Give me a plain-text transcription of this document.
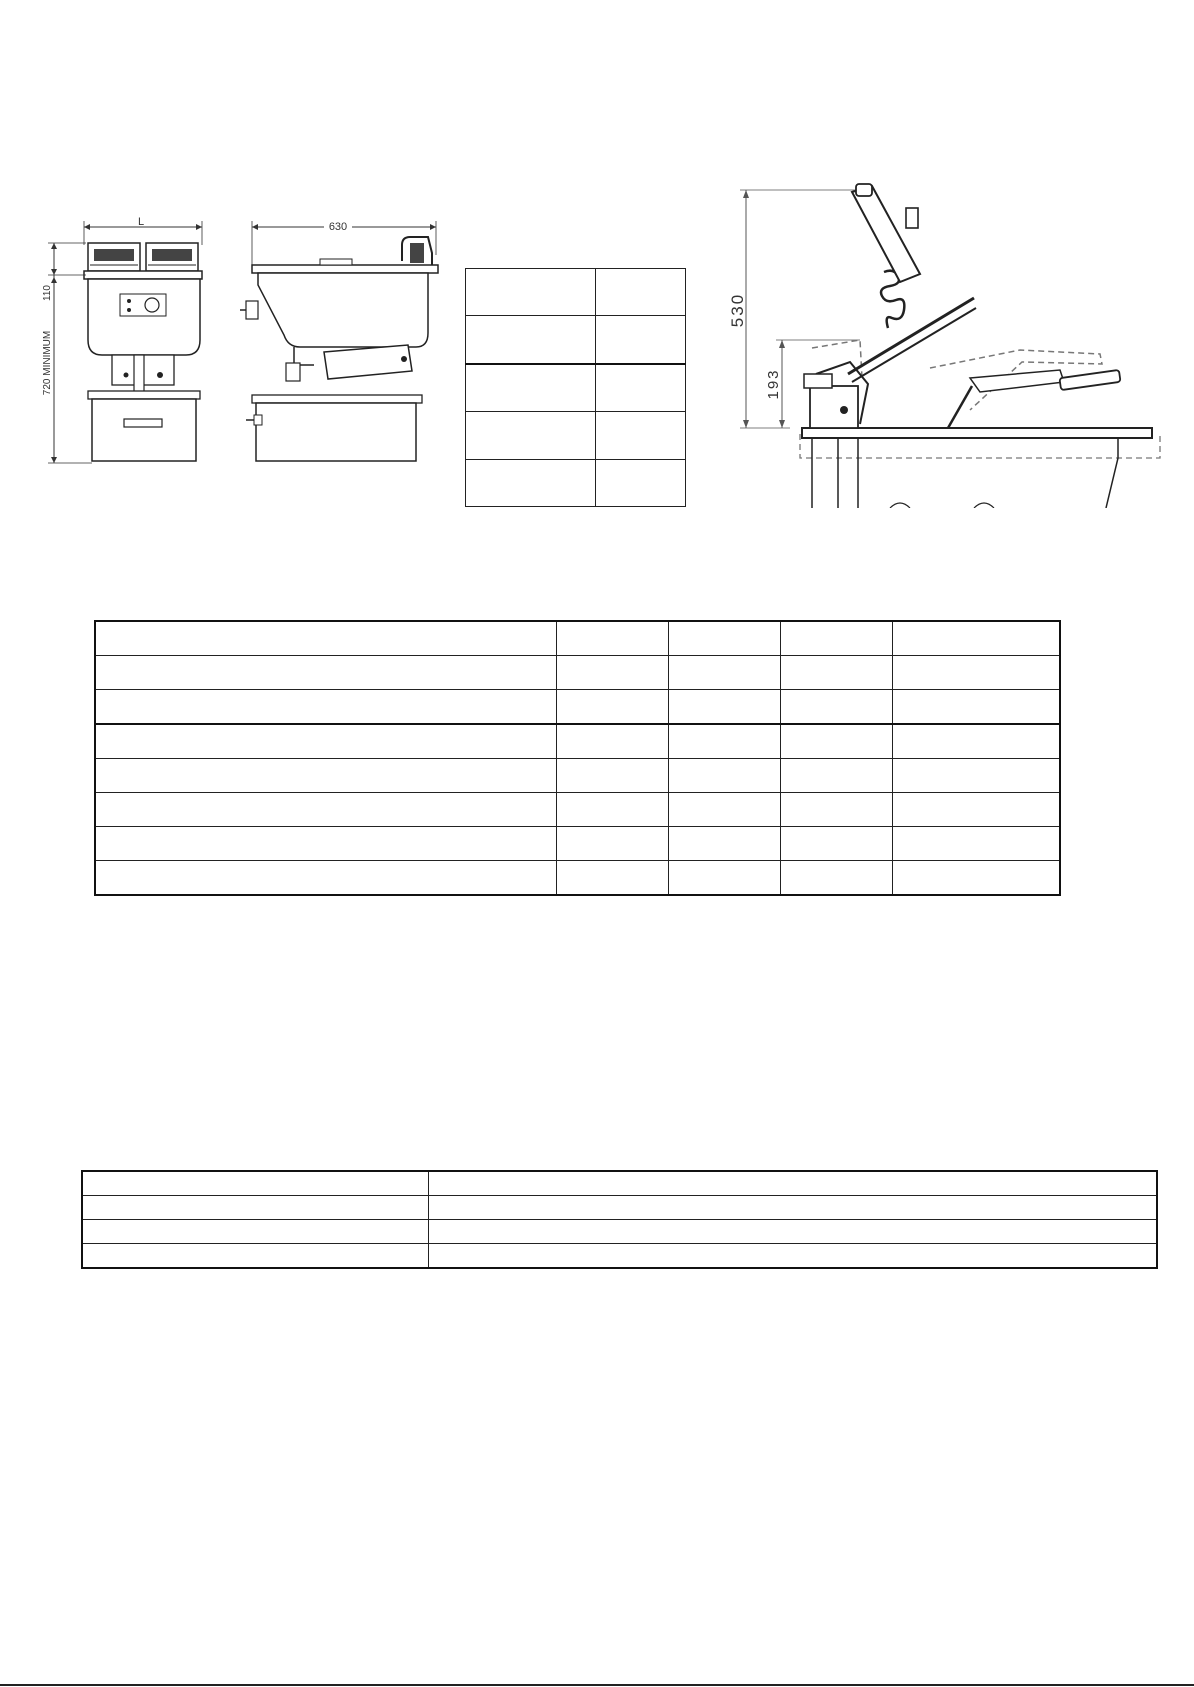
L
110
720 MINIMUM
630

530
193
